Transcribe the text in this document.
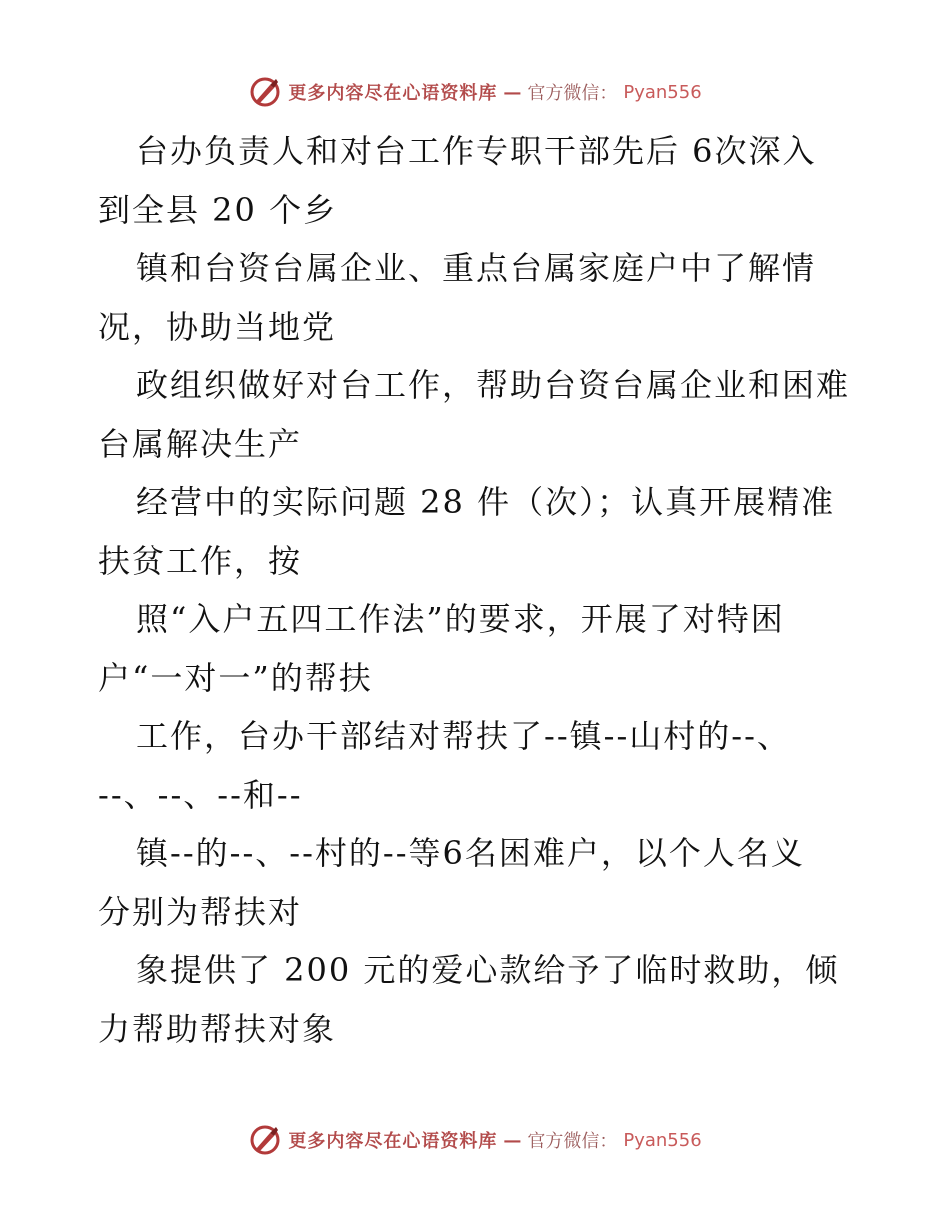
更多内容尽在心语资料库 — 官方微信： Pyan556
台办负责人和对台工作专职干部先后 6次深入
到全县 20 个乡
镇和台资台属企业、重点台属家庭户中了解情
况，协助当地党
政组织做好对台工作，帮助台资台属企业和困难
台属解决生产
经营中的实际问题 28 件（次）；认真开展精准
扶贫工作，按
照“入户五四工作法”的要求，开展了对特困
户“一对一”的帮扶
工作，台办干部结对帮扶了--镇--山村的--、
--、--、--和--
镇--的--、--村的--等6名困难户，以个人名义
分别为帮扶对
象提供了 200 元的爱心款给予了临时救助，倾
力帮助帮扶对象
更多内容尽在心语资料库 — 官方微信： Pyan556
